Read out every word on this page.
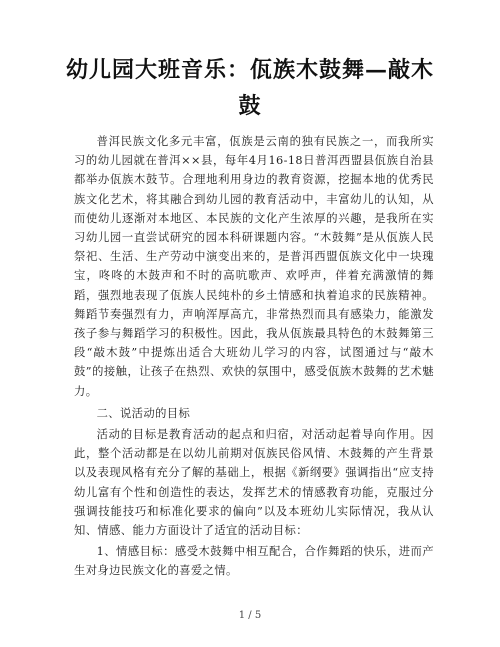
幼儿园大班音乐：佤族木鼓舞—敲木鼓

普洱民族文化多元丰富，佤族是云南的独有民族之一，而我所实习的幼儿园就在普洱××县，每年4月16-18日普洱西盟县佤族自治县都举办佤族木鼓节。合理地利用身边的教育资源，挖掘本地的优秀民族文化艺术，将其融合到幼儿园的教育活动中，丰富幼儿的认知，从而使幼儿逐渐对本地区、本民族的文化产生浓厚的兴趣，是我所在实习幼儿园一直尝试研究的园本科研课题内容。“木鼓舞”是从佤族人民祭祀、生活、生产劳动中演变出来的，是普洱西盟佤族文化中一块瑰宝，咚咚的木鼓声和不时的高吭歌声、欢呼声，伴着充满激情的舞蹈，强烈地表现了佤族人民纯朴的乡土情感和执着追求的民族精神。舞蹈节奏强烈有力，声响浑厚高亢，非常热烈而具有感染力，能激发孩子参与舞蹈学习的积极性。因此，我从佤族最具特色的木鼓舞第三段“敲木鼓”中提炼出适合大班幼儿学习的内容，试图通过与“敲木鼓”的接触，让孩子在热烈、欢快的氛围中，感受佤族木鼓舞的艺术魅力。

二、说活动的目标

活动的目标是教育活动的起点和归宿，对活动起着导向作用。因此，整个活动都是在以幼儿前期对佤族民俗风情、木鼓舞的产生背景以及表现风格有充分了解的基础上，根据《新纲要》强调指出“应支持幼儿富有个性和创造性的表达，发挥艺术的情感教育功能，克服过分强调技能技巧和标准化要求的偏向”以及本班幼儿实际情况，我从认知、情感、能力方面设计了适宜的活动目标：

1、情感目标：感受木鼓舞中相互配合，合作舞蹈的快乐，进而产生对身边民族文化的喜爱之情。

1 / 5
